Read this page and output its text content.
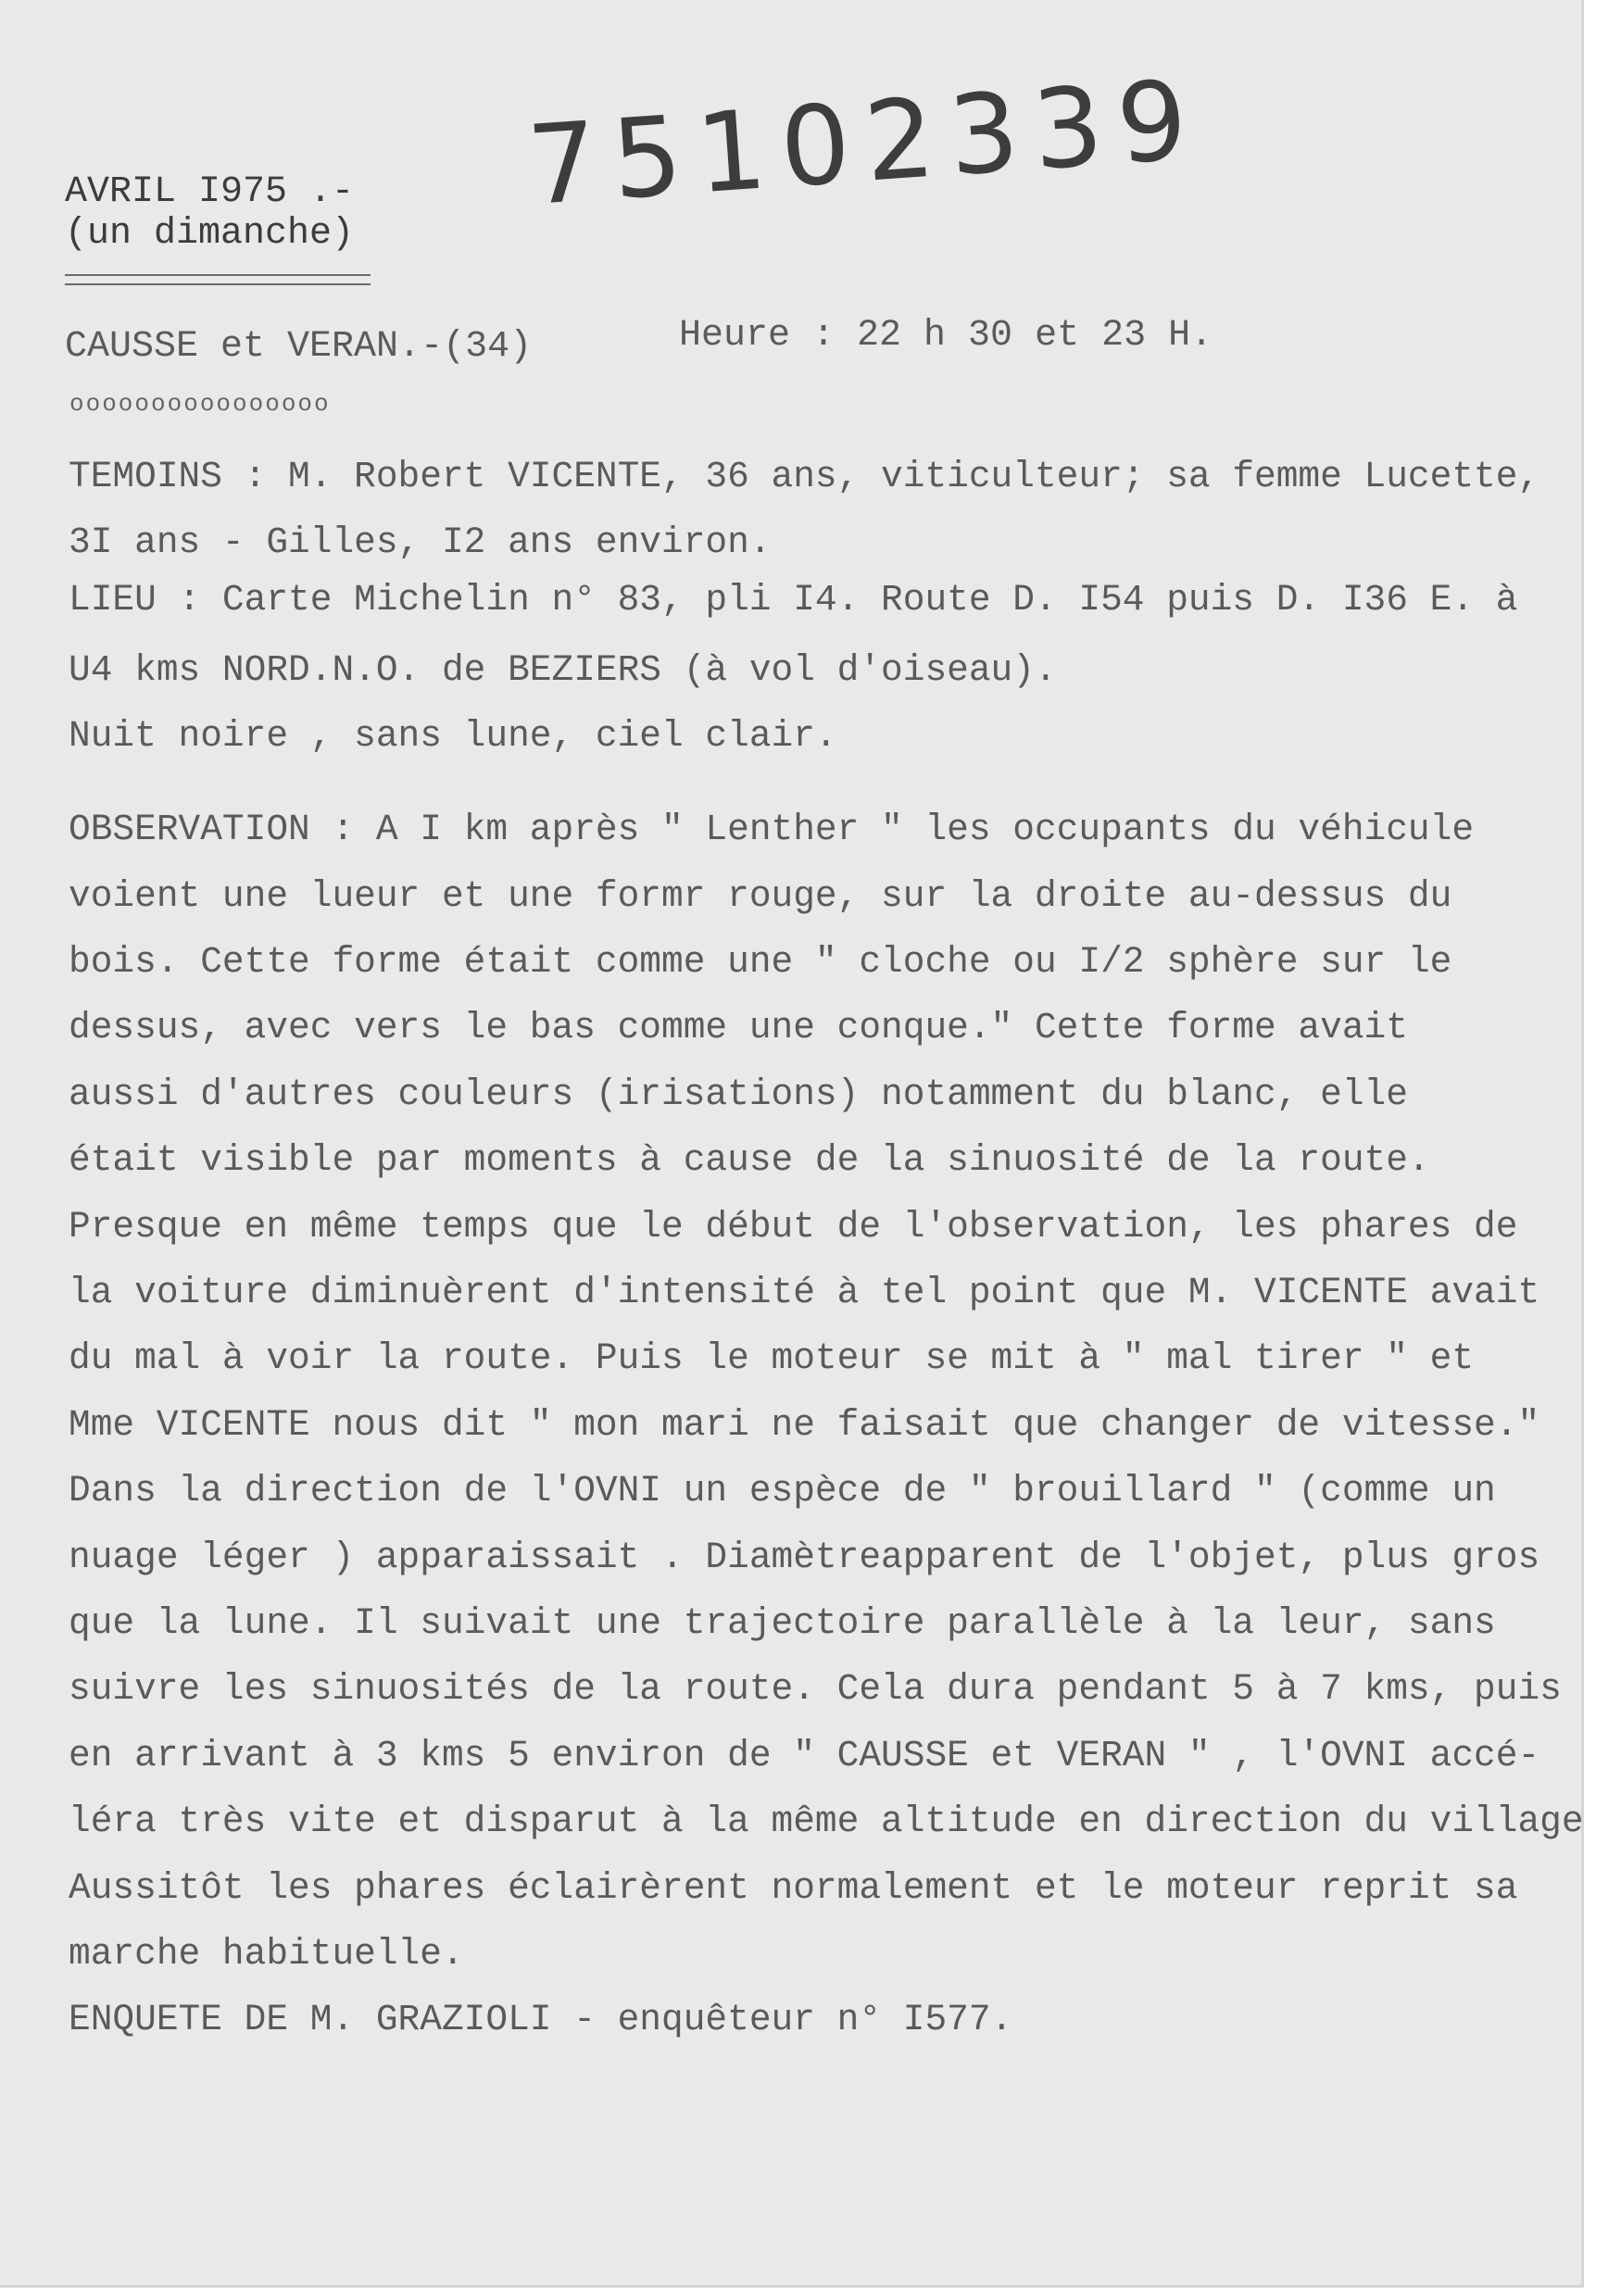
AVRIL I975 .-
(un dimanche)
75102339
CAUSSE et VERAN.-(34)	Heure : 22 h 30 et 23 H.
oooooooooooooooo
TEMOINS : M. Robert VICENTE, 36 ans, viticulteur; sa femme Lucette,
3I ans - Gilles, I2 ans environ.
LIEU : Carte Michelin n° 83, pli I4. Route D. I54 puis D. I36 E. à
U4 kms NORD.N.O. de BEZIERS (à vol d'oiseau).
Nuit noire , sans lune, ciel clair.
OBSERVATION : A I km après " Lenther " les occupants du véhicule
voient une lueur et une formr rouge, sur la droite au-dessus du
bois. Cette forme était comme une " cloche ou I/2 sphère sur le
dessus, avec vers le bas comme une conque." Cette forme avait
aussi d'autres couleurs (irisations) notamment du blanc, elle
était visible par moments à cause de la sinuosité de la route.
Presque en même temps que le début de l'observation, les phares de
la voiture diminuèrent d'intensité à tel point que M. VICENTE avait
du mal à voir la route. Puis le moteur se mit à " mal tirer " et
Mme VICENTE nous dit " mon mari ne faisait que changer de vitesse."
Dans la direction de l'OVNI un espèce de " brouillard " (comme un
nuage léger ) apparaissait . Diamètreapparent de l'objet, plus gros
que la lune. Il suivait une trajectoire parallèle à la leur, sans
suivre les sinuosités de la route. Cela dura pendant 5 à 7 kms, puis
en arrivant à 3 kms 5 environ de " CAUSSE et VERAN " , l'OVNI accé-
léra très vite et disparut à la même altitude en direction du village
Aussitôt les phares éclairèrent normalement et le moteur reprit sa
marche habituelle.
ENQUETE DE M. GRAZIOLI - enquêteur n° I577.
